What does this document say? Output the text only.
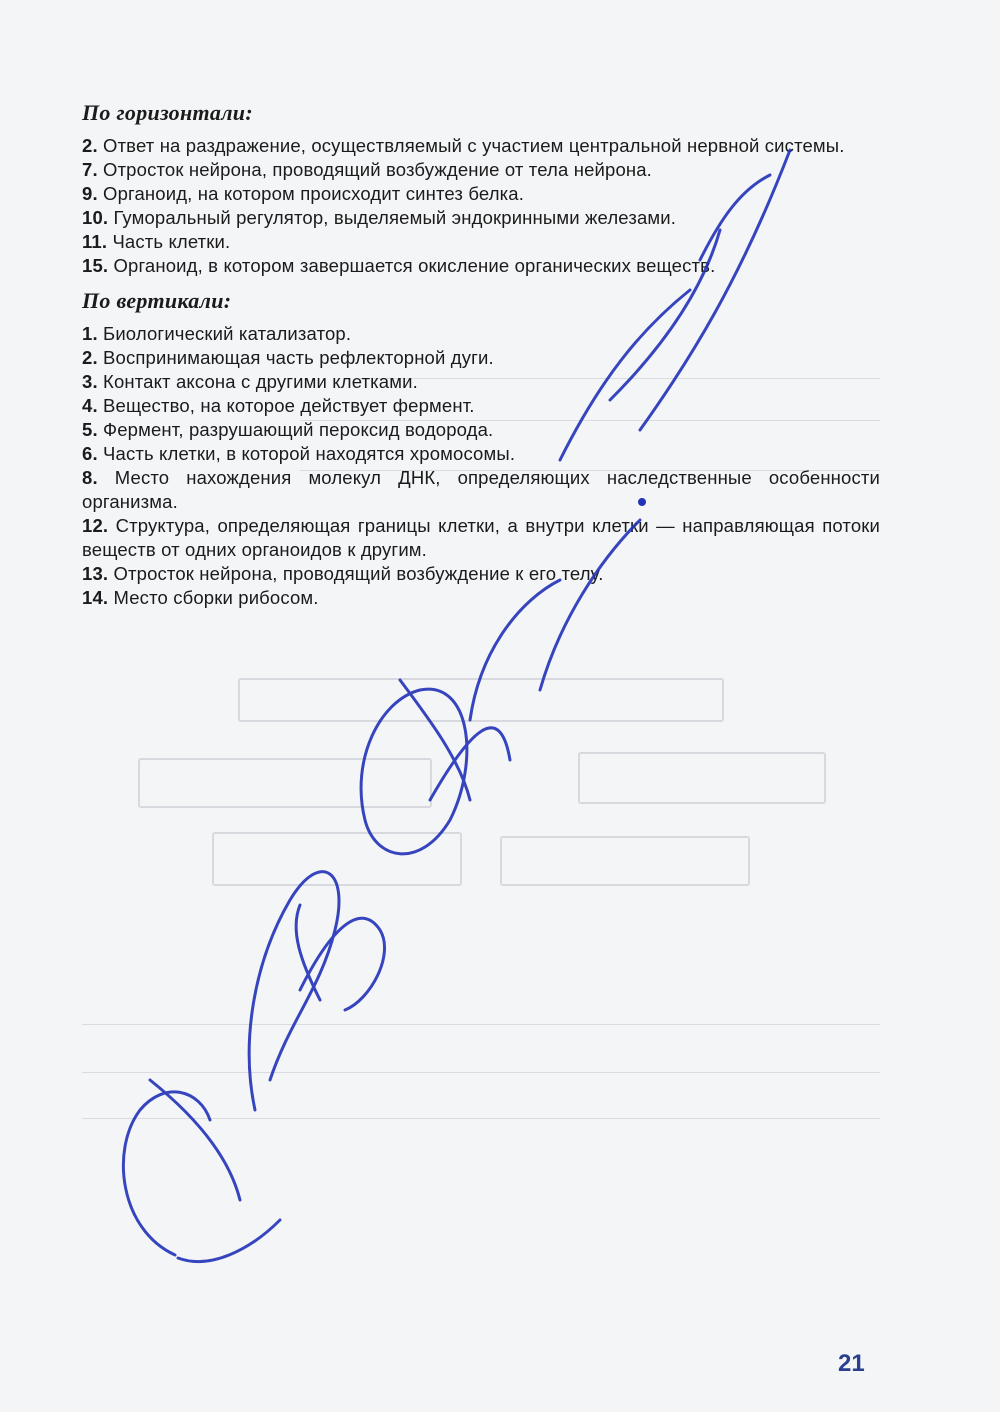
По горизонтали:

2. Ответ на раздражение, осуществляемый с участием центральной нервной системы.

7. Отросток нейрона, проводящий возбуждение от тела нейрона.

9. Органоид, на котором происходит синтез белка.

10. Гуморальный регулятор, выделяемый эндокринными железами.

11. Часть клетки.

15. Органоид, в котором завершается окисление органических веществ.

По вертикали:

1. Биологический катализатор.

2. Воспринимающая часть рефлекторной дуги.

3. Контакт аксона с другими клетками.

4. Вещество, на которое действует фермент.

5. Фермент, разрушающий пероксид водорода.

6. Часть клетки, в которой находятся хромосомы.

8. Место нахождения молекул ДНК, определяющих наследственные особенности организма.

12. Структура, определяющая границы клетки, а внутри клетки — направляющая потоки веществ от одних органоидов к другим.

13. Отросток нейрона, проводящий возбуждение к его телу.

14. Место сборки рибосом.

21
